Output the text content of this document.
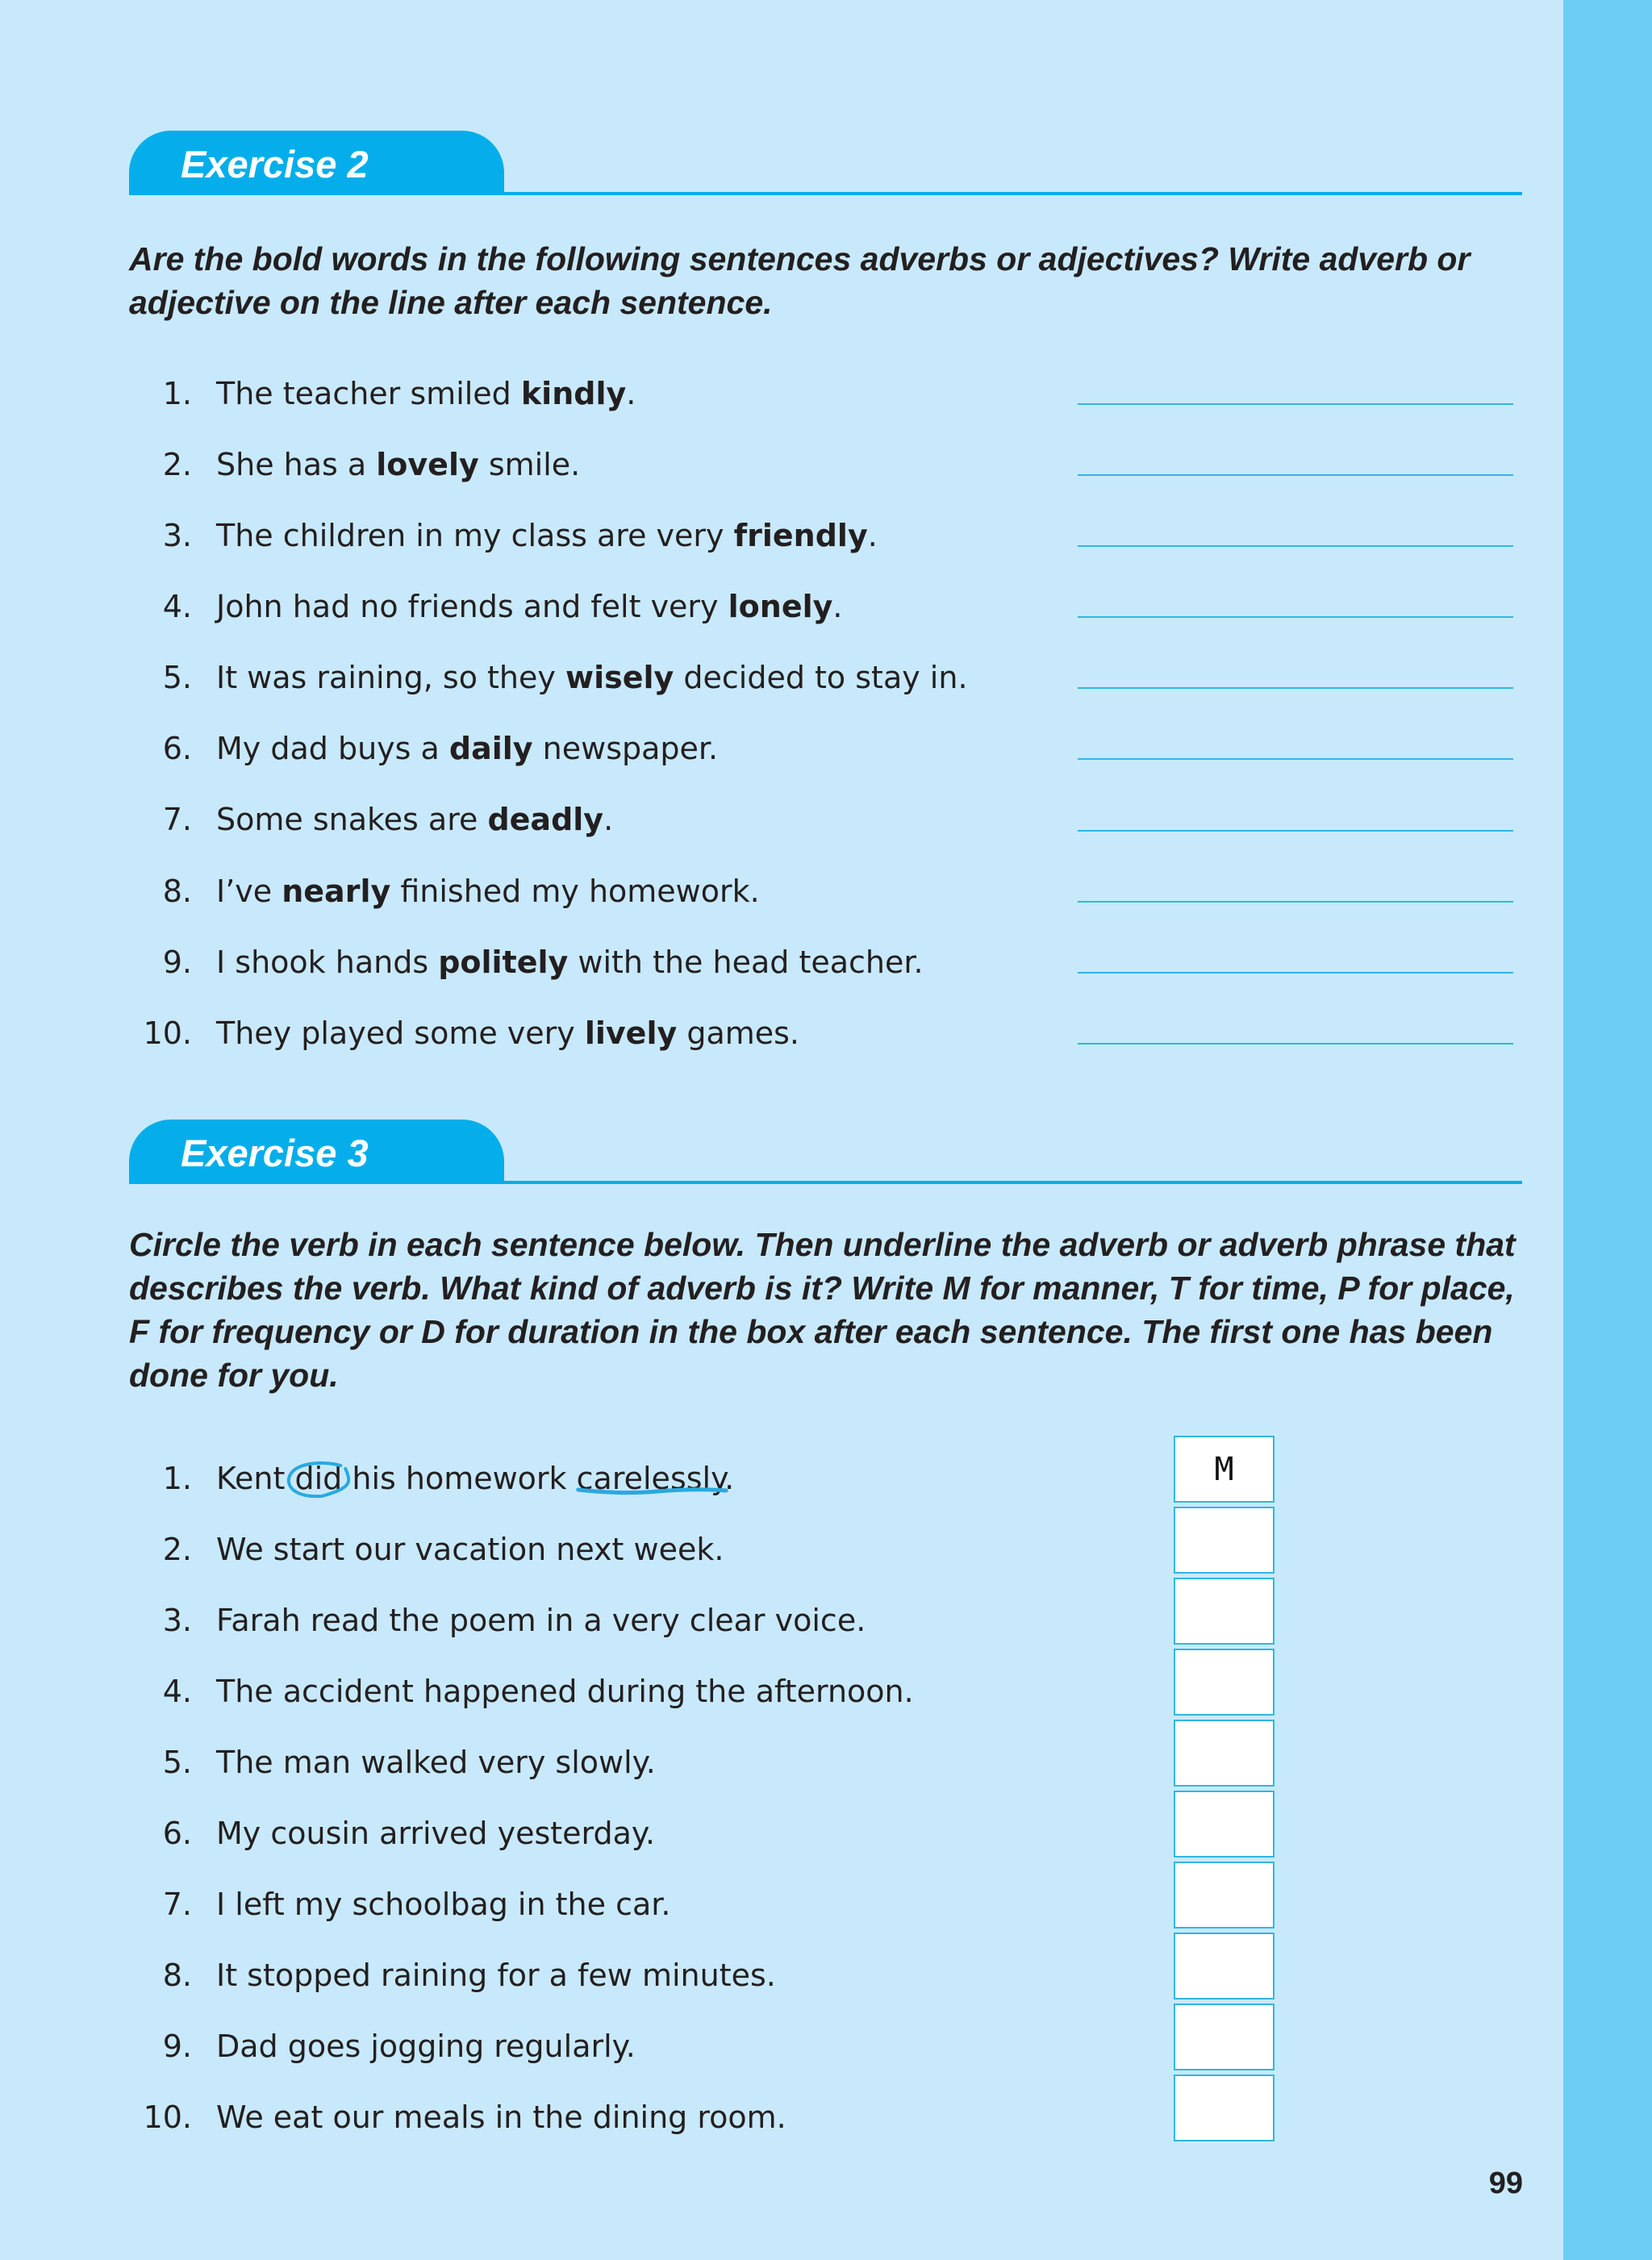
Exercise 2
Are the bold words in the following sentences adverbs or adjectives? Write adverb or adjective on the line after each sentence.
1. The teacher smiled kindly.
2. She has a lovely smile.
3. The children in my class are very friendly.
4. John had no friends and felt very lonely.
5. It was raining, so they wisely decided to stay in.
6. My dad buys a daily newspaper.
7. Some snakes are deadly.
8. I’ve nearly finished my homework.
9. I shook hands politely with the head teacher.
10. They played some very lively games.
Exercise 3
Circle the verb in each sentence below. Then underline the adverb or adverb phrase that describes the verb. What kind of adverb is it? Write M for manner, T for time, P for place, F for frequency or D for duration in the box after each sentence. The first one has been done for you.
1. Kent did his homework carelessly.	M
2. We start our vacation next week.
3. Farah read the poem in a very clear voice.
4. The accident happened during the afternoon.
5. The man walked very slowly.
6. My cousin arrived yesterday.
7. I left my schoolbag in the car.
8. It stopped raining for a few minutes.
9. Dad goes jogging regularly.
10. We eat our meals in the dining room.
99
